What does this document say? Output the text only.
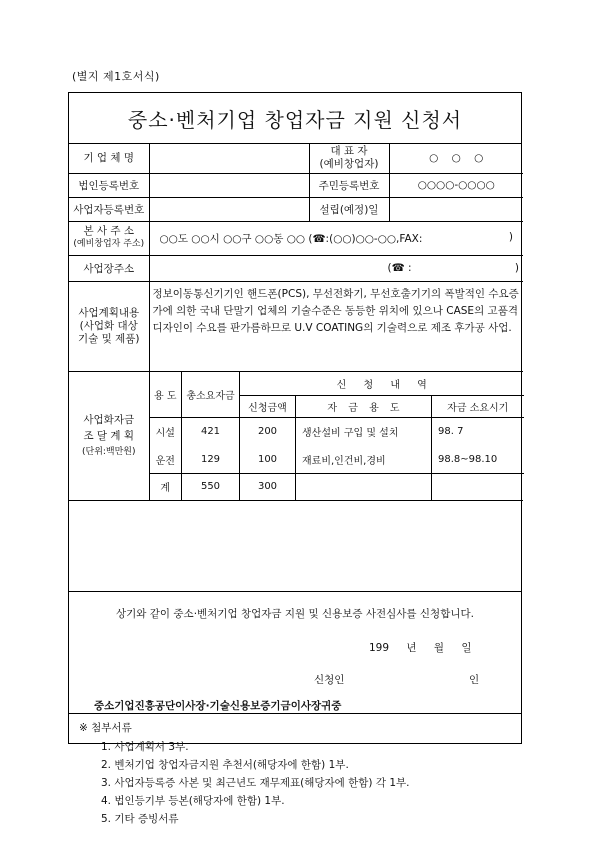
(별지 제1호서식)
중소·벤처기업 창업자금 지원 신청서
기 업 체 명		대 표 자
(예비창업자)	○ ○ ○
법인등록번호		주민등록번호	○○○○-○○○○
사업자등록번호		설립(예정)일	

본 사 주 소
(예비창업자 주소)	○○도 ○○시 ○○구 ○○동 ○○ (☎:(○○)○○-○○,FAX:	)

사업장주소	(☎ :	)

사업계획내용
(사업화 대상
기술 및 제품)	정보이동통신기기인 핸드폰(PCS), 무선전화기, 무선호출기기의 폭발적인 수요증가에 의한 국내 단말기 업체의 기술수준은 동등한 위치에 있으나 CASE의 고품격 디자인이 수요를 판가름하므로 U.V COATING의 기술력으로 제조 후가공 사업.

사업화자금
조 달 계 획
(단위:백만원)

용 도	총소요자금	신 청 내 역
신청금액	자 금 용 도	자금 소요시기
시설	421	200	생산설비 구입 및 설치	98. 7
운전	129	100	재료비,인건비,경비	98.8~98.10
계	550	300		
상기와 같이 중소·벤처기업 창업자금 지원 및 신용보증 사전심사를 신청합니다.
199 년 월 일
신청인	인
중소기업진흥공단이사장·기술신용보증기금이사장귀중
※ 첨부서류
1. 사업계획서 3부.
2. 벤처기업 창업자금지원 추천서(해당자에 한함) 1부.
3. 사업자등록증 사본 및 최근년도 재무제표(해당자에 한함) 각 1부.
4. 법인등기부 등본(해당자에 한함) 1부.
5. 기타 증빙서류
